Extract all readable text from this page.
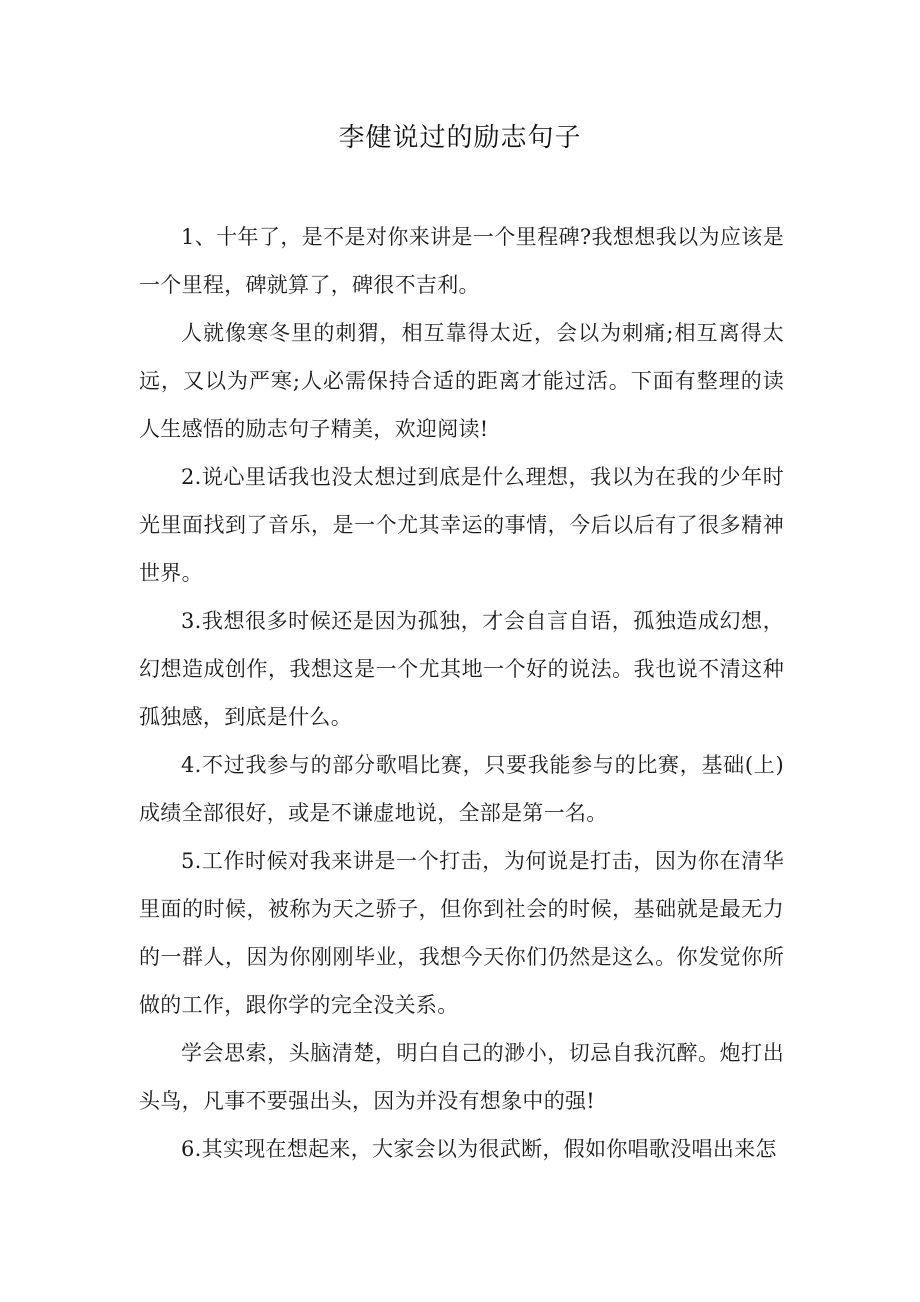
李健说过的励志句子

1、十年了，是不是对你来讲是一个里程碑?我想想我以为应该是一个里程，碑就算了，碑很不吉利。

人就像寒冬里的刺猬，相互靠得太近，会以为刺痛;相互离得太远，又以为严寒;人必需保持合适的距离才能过活。下面有整理的读人生感悟的励志句子精美，欢迎阅读!

2.说心里话我也没太想过到底是什么理想，我以为在我的少年时光里面找到了音乐，是一个尤其幸运的事情，今后以后有了很多精神世界。

3.我想很多时候还是因为孤独，才会自言自语，孤独造成幻想，幻想造成创作，我想这是一个尤其地一个好的说法。我也说不清这种孤独感，到底是什么。

4.不过我参与的部分歌唱比赛，只要我能参与的比赛，基础(上)成绩全部很好，或是不谦虚地说，全部是第一名。

5.工作时候对我来讲是一个打击，为何说是打击，因为你在清华里面的时候，被称为天之骄子，但你到社会的时候，基础就是最无力的一群人，因为你刚刚毕业，我想今天你们仍然是这么。你发觉你所做的工作，跟你学的完全没关系。

学会思索，头脑清楚，明白自己的渺小，切忌自我沉醉。炮打出头鸟，凡事不要强出头，因为并没有想象中的强!

6.其实现在想起来，大家会以为很武断，假如你唱歌没唱出来怎
